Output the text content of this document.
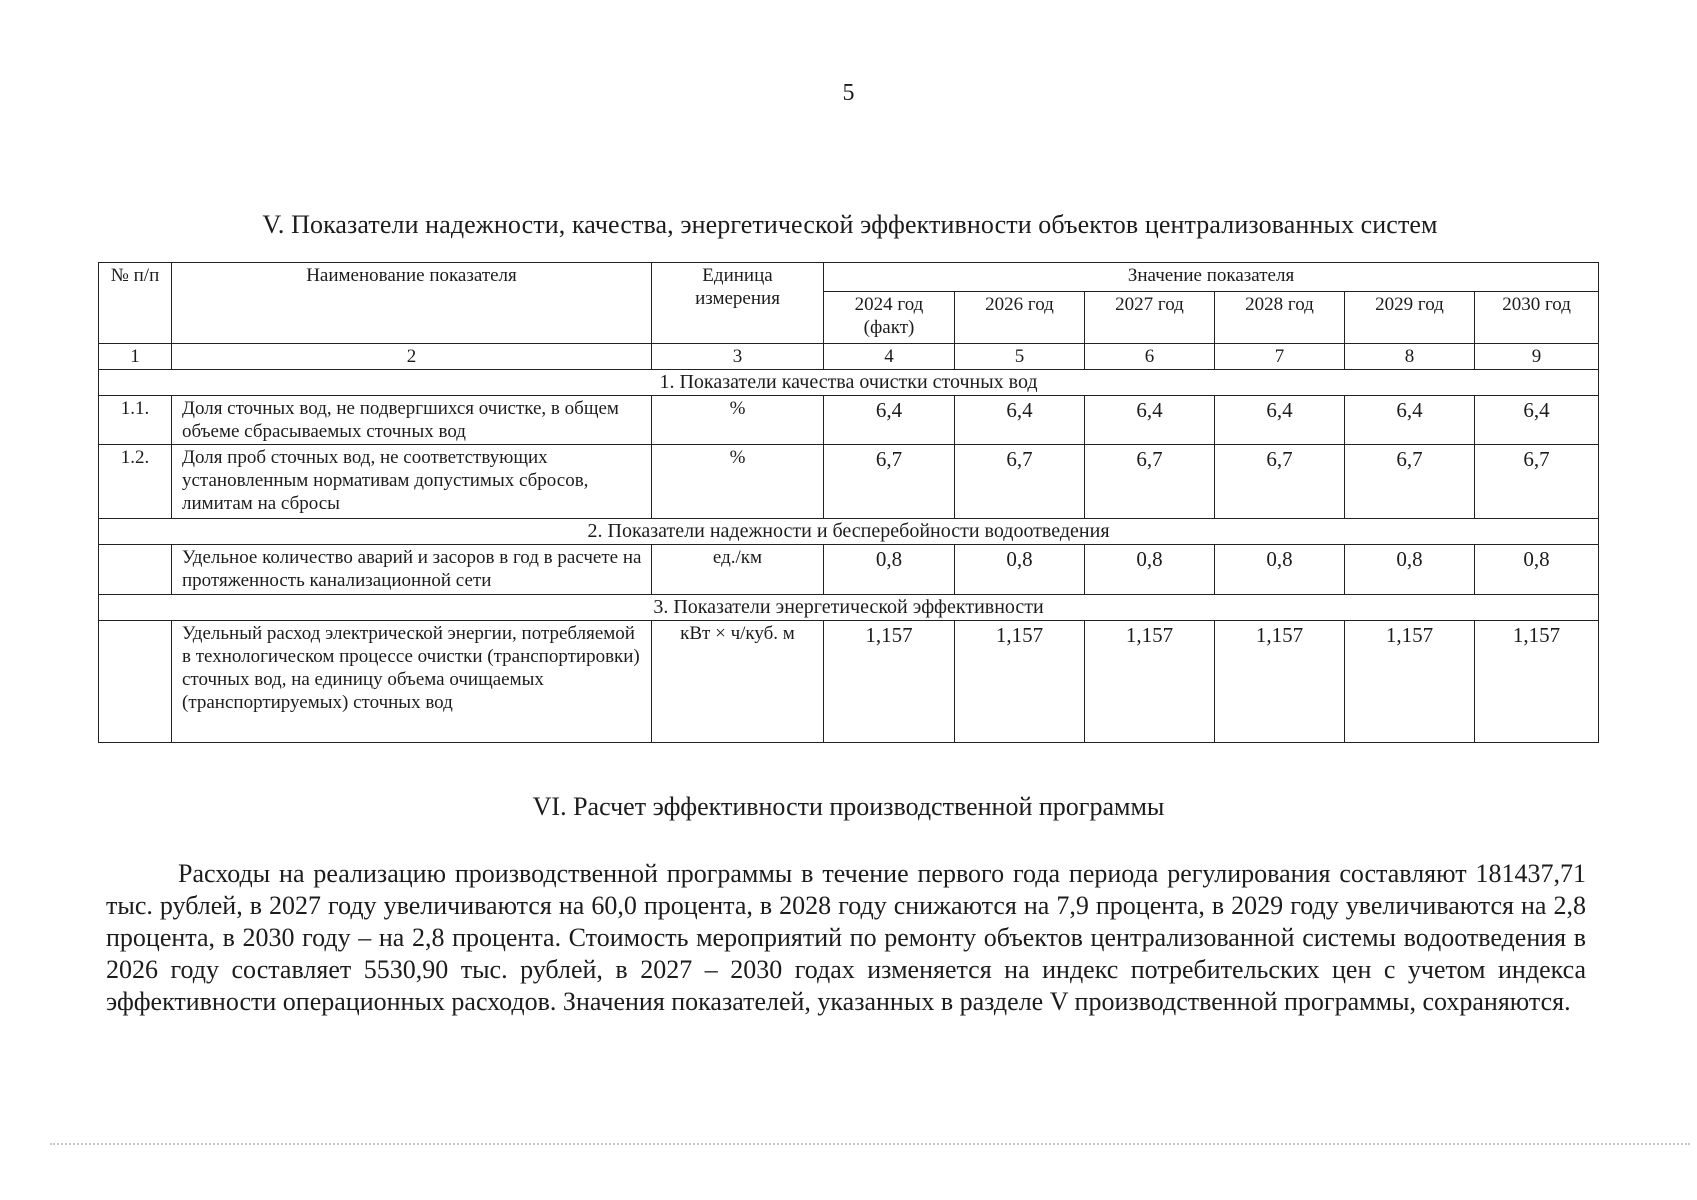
5
V. Показатели надежности, качества, энергетической эффективности объектов централизованных систем
№ п/п	Наименование показателя	Единица измерения	Значение показателя					
			2024 год (факт)	2026 год	2027 год	2028 год	2029 год	2030 год
1	2	3	4	5	6	7	8	9
1. Показатели качества очистки сточных вод								
1.1.	Доля сточных вод, не подвергшихся очистке, в общем объеме сбрасываемых сточных вод	%	6,4	6,4	6,4	6,4	6,4	6,4
1.2.	Доля проб сточных вод, не соответствующих установленным нормативам допустимых сбросов, лимитам на сбросы	%	6,7	6,7	6,7	6,7	6,7	6,7
2. Показатели надежности и бесперебойности водоотведения								
	Удельное количество аварий и засоров в год в расчете на протяженность канализационной сети	ед./км	0,8	0,8	0,8	0,8	0,8	0,8
3. Показатели энергетической эффективности								
	Удельный расход электрической энергии, потребляемой в технологическом процессе очистки (транспортировки) сточных вод, на единицу объема очищаемых (транспортируемых) сточных вод	кВт × ч/куб. м	1,157	1,157	1,157	1,157	1,157	1,157
VI. Расчет эффективности производственной программы
Расходы на реализацию производственной программы в течение первого года периода регулирования составляют 181437,71 тыс. рублей, в 2027 году увеличиваются на 60,0 процента, в 2028 году снижаются на 7,9 процента, в 2029 году увеличиваются на 2,8 процента, в 2030 году – на 2,8 процента. Стоимость мероприятий по ремонту объектов централизованной системы водоотведения в 2026 году составляет 5530,90 тыс. рублей, в 2027 – 2030 годах изменяется на индекс потребительских цен с учетом индекса эффективности операционных расходов. Значения показателей, указанных в разделе V производственной программы, сохраняются.
